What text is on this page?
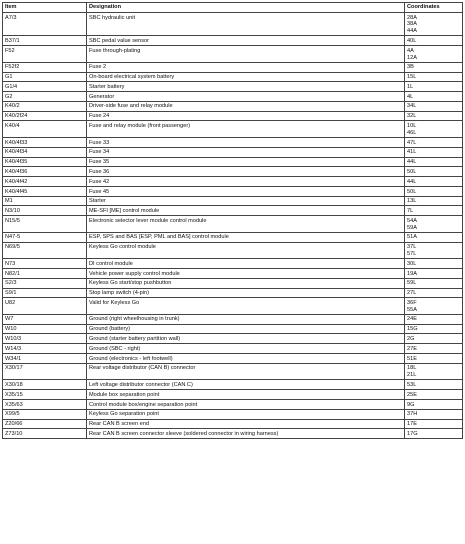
Item	Designation	Coordinates
A7/3	SBC hydraulic unit	28A
38A
44A

B37/1	SBC pedal value sensor	40L

F52	Fuse through-plating	4A
12A

F52f2	Fuse 2	3B

G1	On-board electrical system battery	15L

G1/4	Starter battery	1L

G2	Generator	4L

K40/2	Driver-side fuse and relay module	34L

K40/2f24	Fuse 24	32L

K40/4	Fuse and relay module (front passenger)	10L
46L

K40/4f33	Fuse 33	47L

K40/4f34	Fuse 34	41L

K40/4f35	Fuse 35	44L

K40/4f36	Fuse 36	50L

K40/4f42	Fuse 42	44L

K40/4f45	Fuse 45	50L

M1	Starter	13L

N3/10	ME-SFI [ME] control module	7L

N15/5	Electronic selector lever module control module	54A
59A

N47-5	ESP, SPS and BAS [ESP, PML and BAS] control module	51A

N69/5	Keyless Go control module	37L
57L

N73	DI control module	30L

N82/1	Vehicle power supply control module	19A

S2/3	Keyless Go start/stop pushbutton	59L

S9/1	Stop lamp switch (4-pin)	27L

U82	Valid for Keyless Go	36F
55A

W7	Ground (right wheelhousing in trunk)	24E

W10	Ground (battery)	15G

W10/3	Ground (starter battery partition wall)	2G

W14/3	Ground (SBC - right)	27E

W34/1	Ground (electronics - left footwell)	51E

X30/17	Rear voltage distributor (CAN B) connector	18L
21L

X30/18	Left voltage distributor connector (CAN C)	53L

X35/15	Module box separation point	25E

X35/63	Control module box/engine separation point	9G

X99/5	Keyless Go separation point	37H

Z20/66	Rear CAN B screen end	17E

Z73/10	Rear CAN B screen connector sleeve (soldered connector in wiring harness)	17G
